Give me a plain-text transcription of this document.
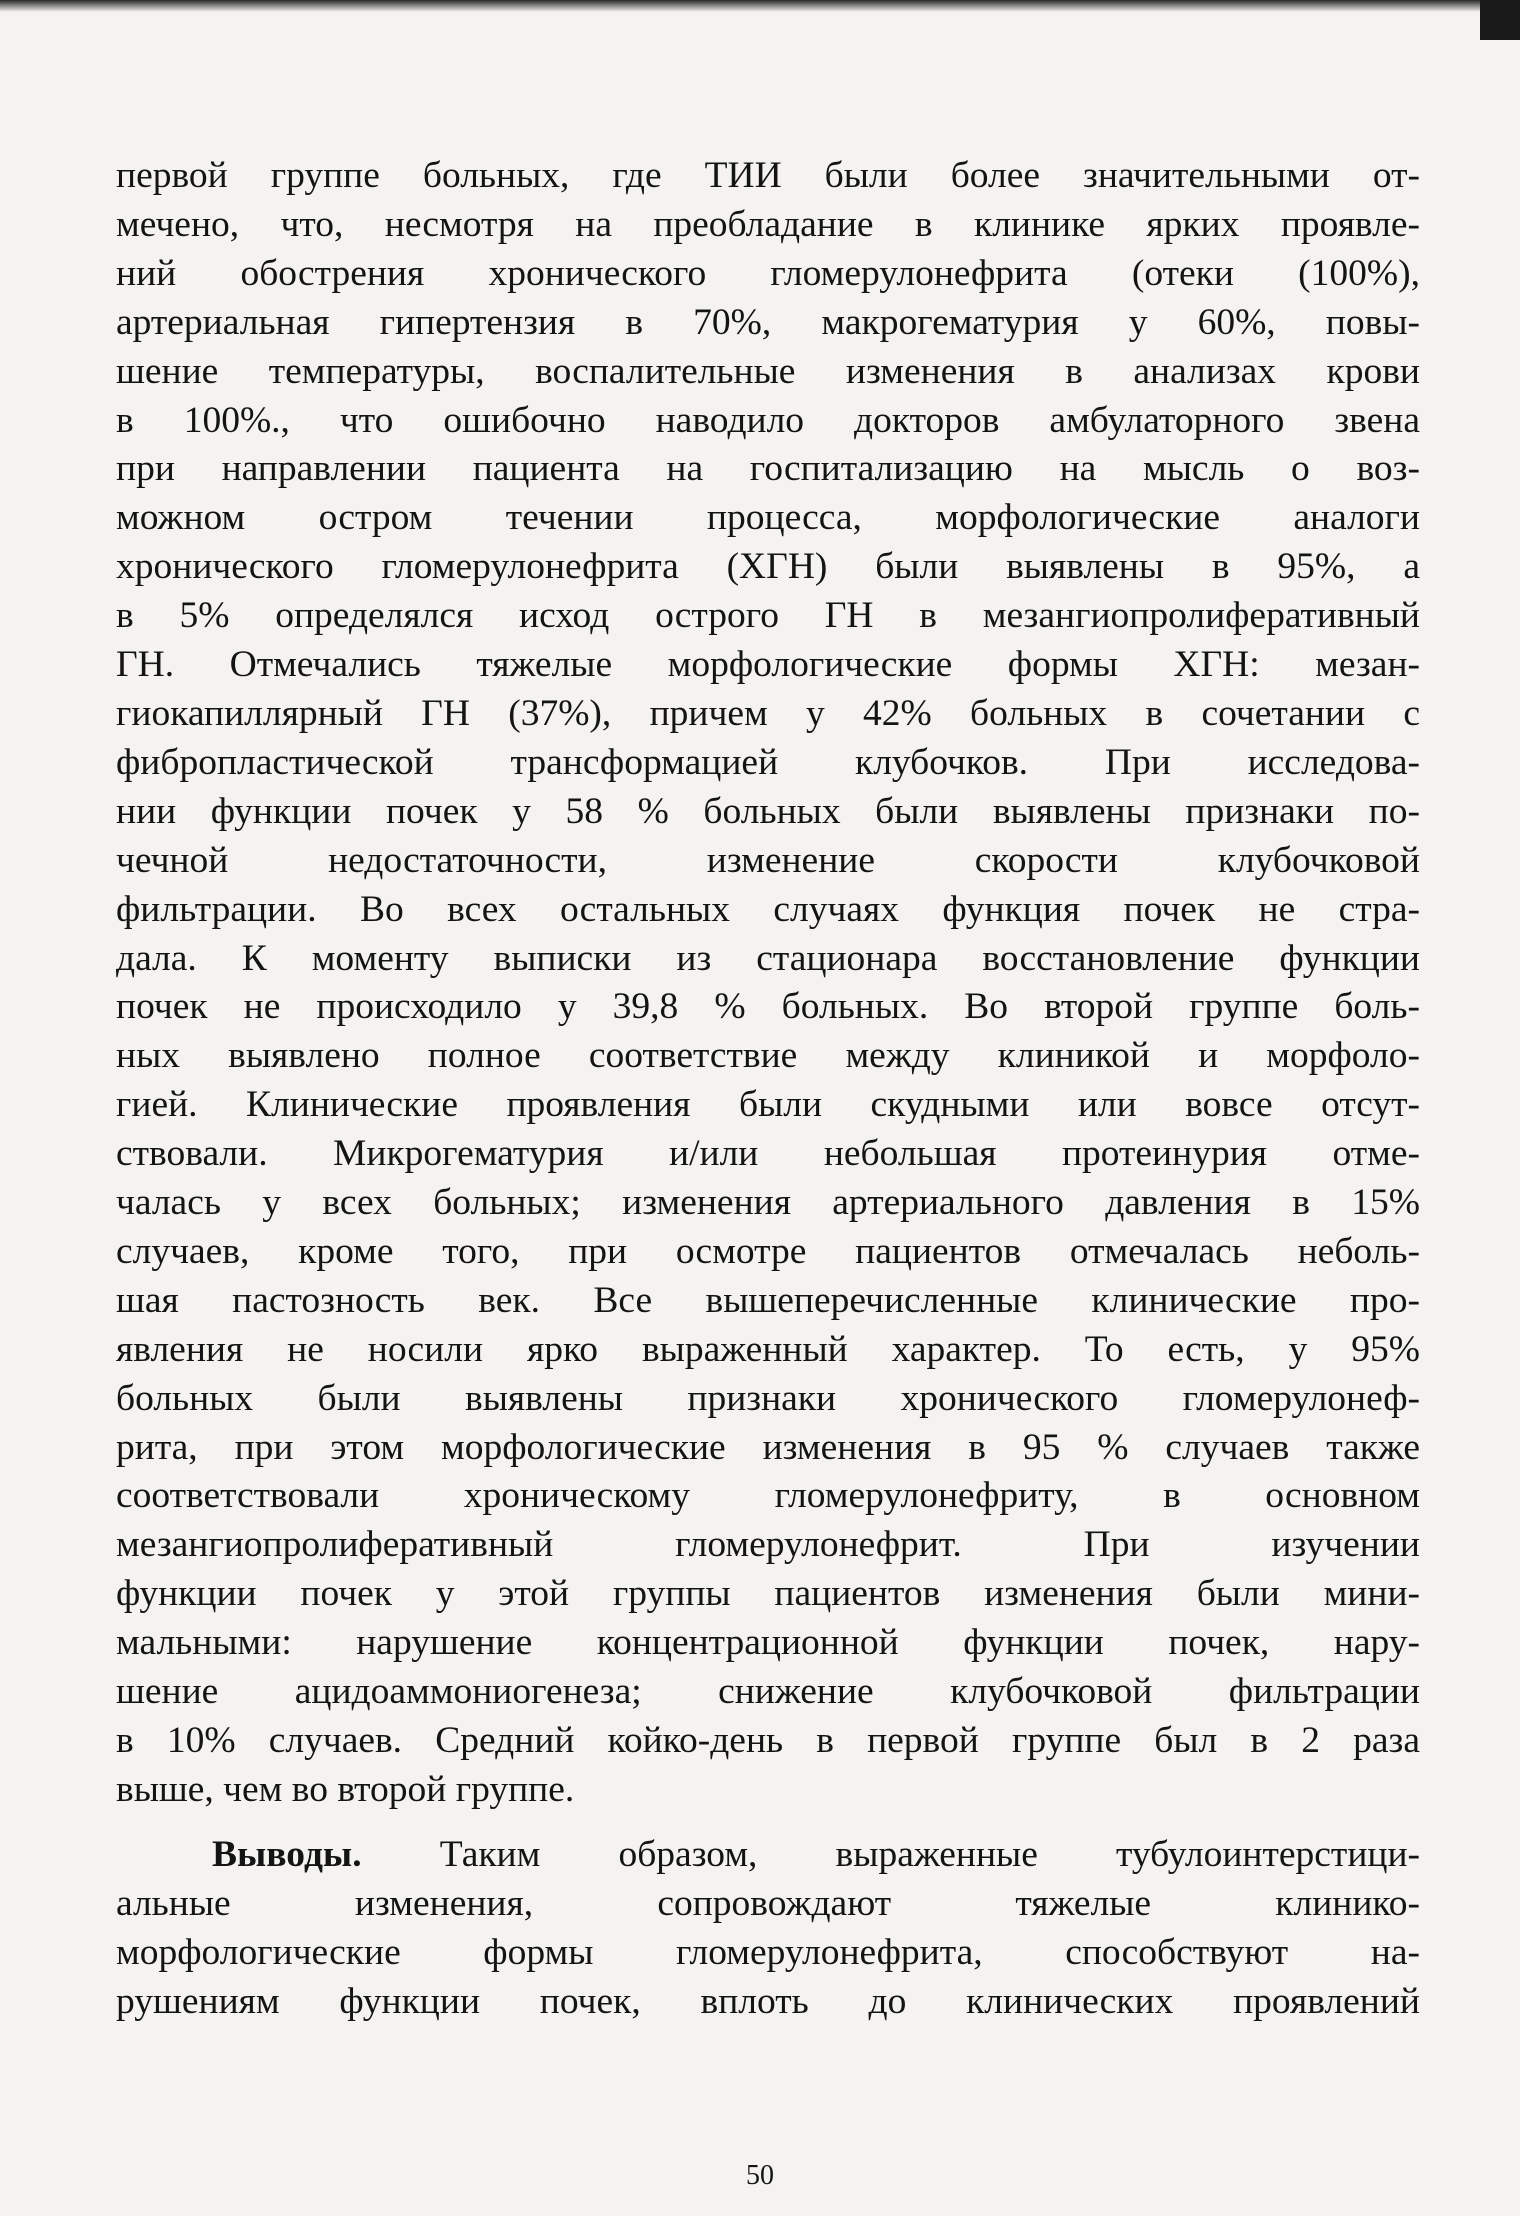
первой группе больных, где ТИИ были более значительными от-
мечено, что, несмотря на преобладание в клинике ярких проявле-
ний обострения хронического гломерулонефрита (отеки (100%),
артериальная гипертензия в 70%, макрогематурия у 60%, повы-
шение температуры, воспалительные изменения в анализах крови
в 100%., что ошибочно наводило докторов амбулаторного звена
при направлении пациента на госпитализацию на мысль о воз-
можном остром течении процесса, морфологические аналоги
хронического гломерулонефрита (ХГН) были выявлены в 95%, а
в 5% определялся исход острого ГН в мезангиопролиферативный
ГН. Отмечались тяжелые морфологические формы ХГН: мезан-
гиокапиллярный ГН (37%), причем у 42% больных в сочетании с
фибропластической трансформацией клубочков. При исследова-
нии функции почек у 58 % больных были выявлены признаки по-
чечной недостаточности, изменение скорости клубочковой
фильтрации. Во всех остальных случаях функция почек не стра-
дала. К моменту выписки из стационара восстановление функции
почек не происходило у 39,8 % больных. Во второй группе боль-
ных выявлено полное соответствие между клиникой и морфоло-
гией. Клинические проявления были скудными или вовсе отсут-
ствовали. Микрогематурия и/или небольшая протеинурия отме-
чалась у всех больных; изменения артериального давления в 15%
случаев, кроме того, при осмотре пациентов отмечалась неболь-
шая пастозность век. Все вышеперечисленные клинические про-
явления не носили ярко выраженный характер. То есть, у 95%
больных были выявлены признаки хронического гломерулонеф-
рита, при этом морфологические изменения в 95 % случаев также
соответствовали хроническому гломерулонефриту, в основном
мезангиопролиферативный гломерулонефрит. При изучении
функции почек у этой группы пациентов изменения были мини-
мальными: нарушение концентрационной функции почек, нару-
шение ацидоаммониогенеза; снижение клубочковой фильтрации
в 10% случаев. Средний койко-день в первой группе был в 2 раза
выше, чем во второй группе.
Выводы. Таким образом, выраженные тубулоинтерстици-
альные изменения, сопровождают тяжелые клинико-
морфологические формы гломерулонефрита, способствуют на-
рушениям функции почек, вплоть до клинических проявлений
50
